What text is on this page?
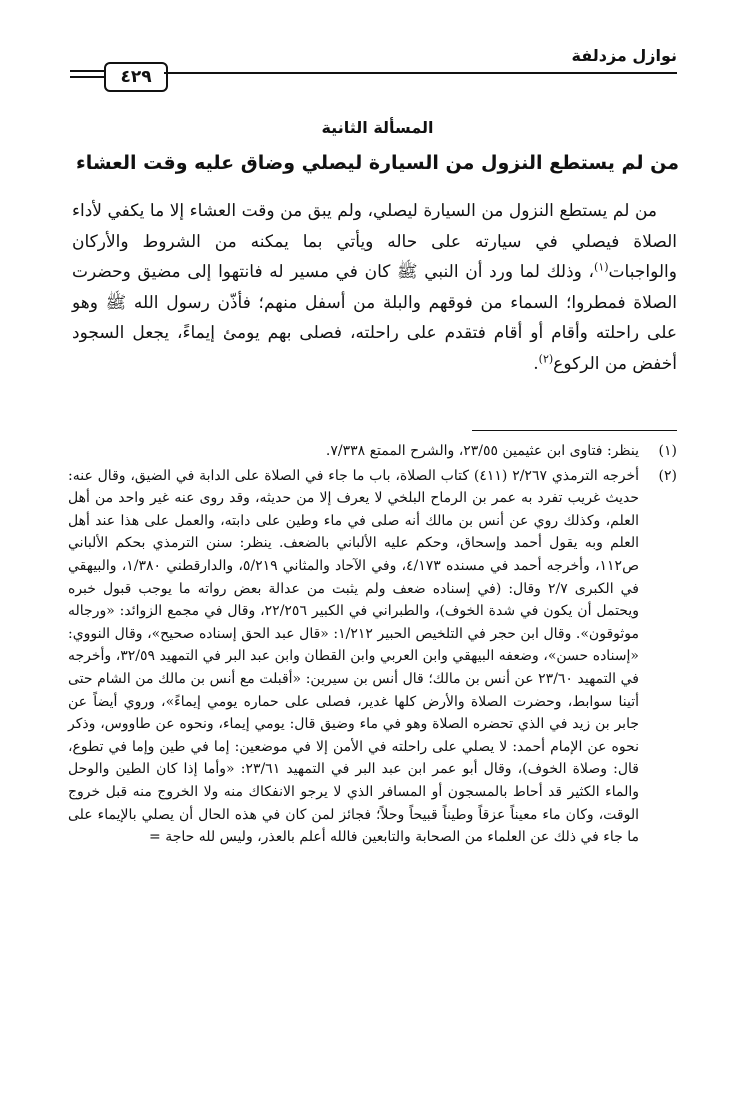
نوازل مزدلفة
٤٢٩
المسألة الثانية
من لم يستطع النزول من السيارة ليصلي وضاق عليه وقت العشاء

من لم يستطع النزول من السيارة ليصلي، ولم يبق من وقت العشاء إلا ما يكفي لأداء الصلاة فيصلي في سيارته على حاله ويأتي بما يمكنه من الشروط والأركان والواجبات$^{(١)}$، وذلك لما ورد أن النبي ﷺ كان في مسير له فانتهوا إلى مضيق وحضرت الصلاة فمطروا؛ السماء من فوقهم والبلة من أسفل منهم؛ فأذّن رسول الله ﷺ وهو على راحلته وأقام أو أقام فتقدم على راحلته، فصلى بهم يومئ إيماءً، يجعل السجود أخفض من الركوع$^{(٢)}$.

(١)
ينظر: فتاوى ابن عثيمين ٢٣/٥٥، والشرح الممتع ٧/٣٣٨.
(٢)
أخرجه الترمذي ٢/٢٦٧ (٤١١) كتاب الصلاة، باب ما جاء في الصلاة على الدابة في الضيق، وقال عنه: حديث غريب تفرد به عمر بن الرماح البلخي لا يعرف إلا من حديثه، وقد روى عنه غير واحد من أهل العلم، وكذلك روي عن أنس بن مالك أنه صلى في ماء وطين على دابته، والعمل على هذا عند أهل العلم وبه يقول أحمد وإسحاق، وحكم عليه الألباني بالضعف. ينظر: سنن الترمذي بحكم الألباني ص١١٢، وأخرجه أحمد في مسنده ٤/١٧٣، وفي الآحاد والمثاني ٥/٢١٩، والدارقطني ١/٣٨٠، والبيهقي في الكبرى ٢/٧ وقال: (في إسناده ضعف ولم يثبت من عدالة بعض رواته ما يوجب قبول خبره ويحتمل أن يكون في شدة الخوف)، والطبراني في الكبير ٢٢/٢٥٦، وقال في مجمع الزوائد: «ورجاله موثوقون». وقال ابن حجر في التلخيص الحبير ١/٢١٢: «قال عبد الحق إسناده صحيح»، وقال النووي: «إسناده حسن»، وضعفه البيهقي وابن العربي وابن القطان وابن عبد البر في التمهيد ٣٢/٥٩، وأخرجه في التمهيد ٢٣/٦٠ عن أنس بن مالك؛ قال أنس بن سيرين: «أقبلت مع أنس بن مالك من الشام حتى أتينا سوابط، وحضرت الصلاة والأرض كلها غدير، فصلى على حماره يومي إيماءً»، وروي أيضاً عن جابر بن زيد في الذي تحضره الصلاة وهو في ماء وضيق قال: يومي إيماء، ونحوه عن طاووس، وذكر نحوه عن الإمام أحمد: لا يصلي على راحلته في الأمن إلا في موضعين: إما في طين وإما في تطوع، قال: وصلاة الخوف)، وقال أبو عمر ابن عبد البر في التمهيد ٢٣/٦١: «وأما إذا كان الطين والوحل والماء الكثير قد أحاط بالمسجون أو المسافر الذي لا يرجو الانفكاك منه ولا الخروج منه قبل خروج الوقت، وكان ماء معيناً عزقاً وطيناً قبيحاً وحلاً؛ فجائز لمن كان في هذه الحال أن يصلي بالإيماء على ما جاء في ذلك عن العلماء من الصحابة والتابعين فالله أعلم بالعذر، وليس لله حاجة =
